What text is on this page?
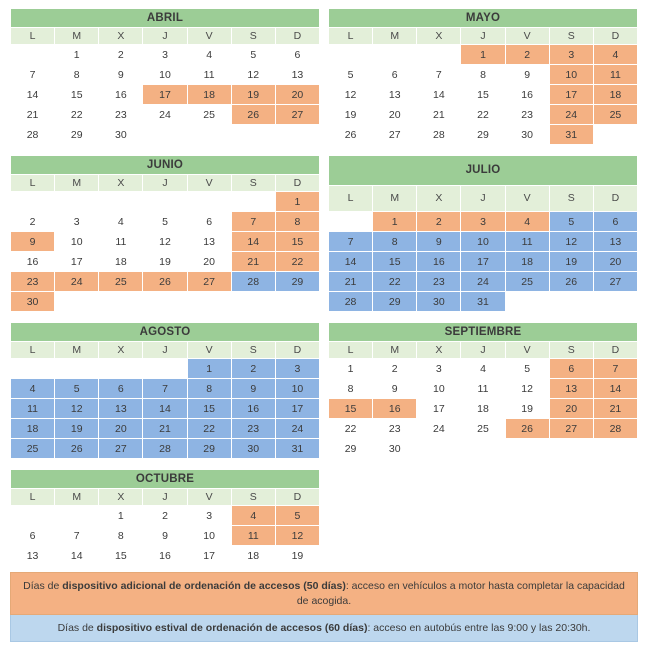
ABRIL						
L	M	X	J	V	S	D
	1	2	3	4	5	6
7	8	9	10	11	12	13
14	15	16	17	18	19	20
21	22	23	24	25	26	27
28	29	30				
MAYO						
L	M	X	J	V	S	D
			1	2	3	4
5	6	7	8	9	10	11
12	13	14	15	16	17	18
19	20	21	22	23	24	25
26	27	28	29	30	31	
JUNIO						
L	M	X	J	V	S	D
						1
2	3	4	5	6	7	8
9	10	11	12	13	14	15
16	17	18	19	20	21	22
23	24	25	26	27	28	29
30						
JULIO						
L	M	X	J	V	S	D
	1	2	3	4	5	6
7	8	9	10	11	12	13
14	15	16	17	18	19	20
21	22	23	24	25	26	27
28	29	30	31			
AGOSTO						
L	M	X	J	V	S	D
				1	2	3
4	5	6	7	8	9	10
11	12	13	14	15	16	17
18	19	20	21	22	23	24
25	26	27	28	29	30	31
SEPTIEMBRE						
L	M	X	J	V	S	D
1	2	3	4	5	6	7
8	9	10	11	12	13	14
15	16	17	18	19	20	21
22	23	24	25	26	27	28
29	30					
OCTUBRE						
L	M	X	J	V	S	D
		1	2	3	4	5
6	7	8	9	10	11	12
13	14	15	16	17	18	19

Días de dispositivo adicional de ordenación de accesos (50 días): acceso en vehículos a motor hasta completar la capacidad de acogida.
Días de dispositivo estival de ordenación de accesos (60 días): acceso en autobús entre las 9:00 y las 20:30h.
